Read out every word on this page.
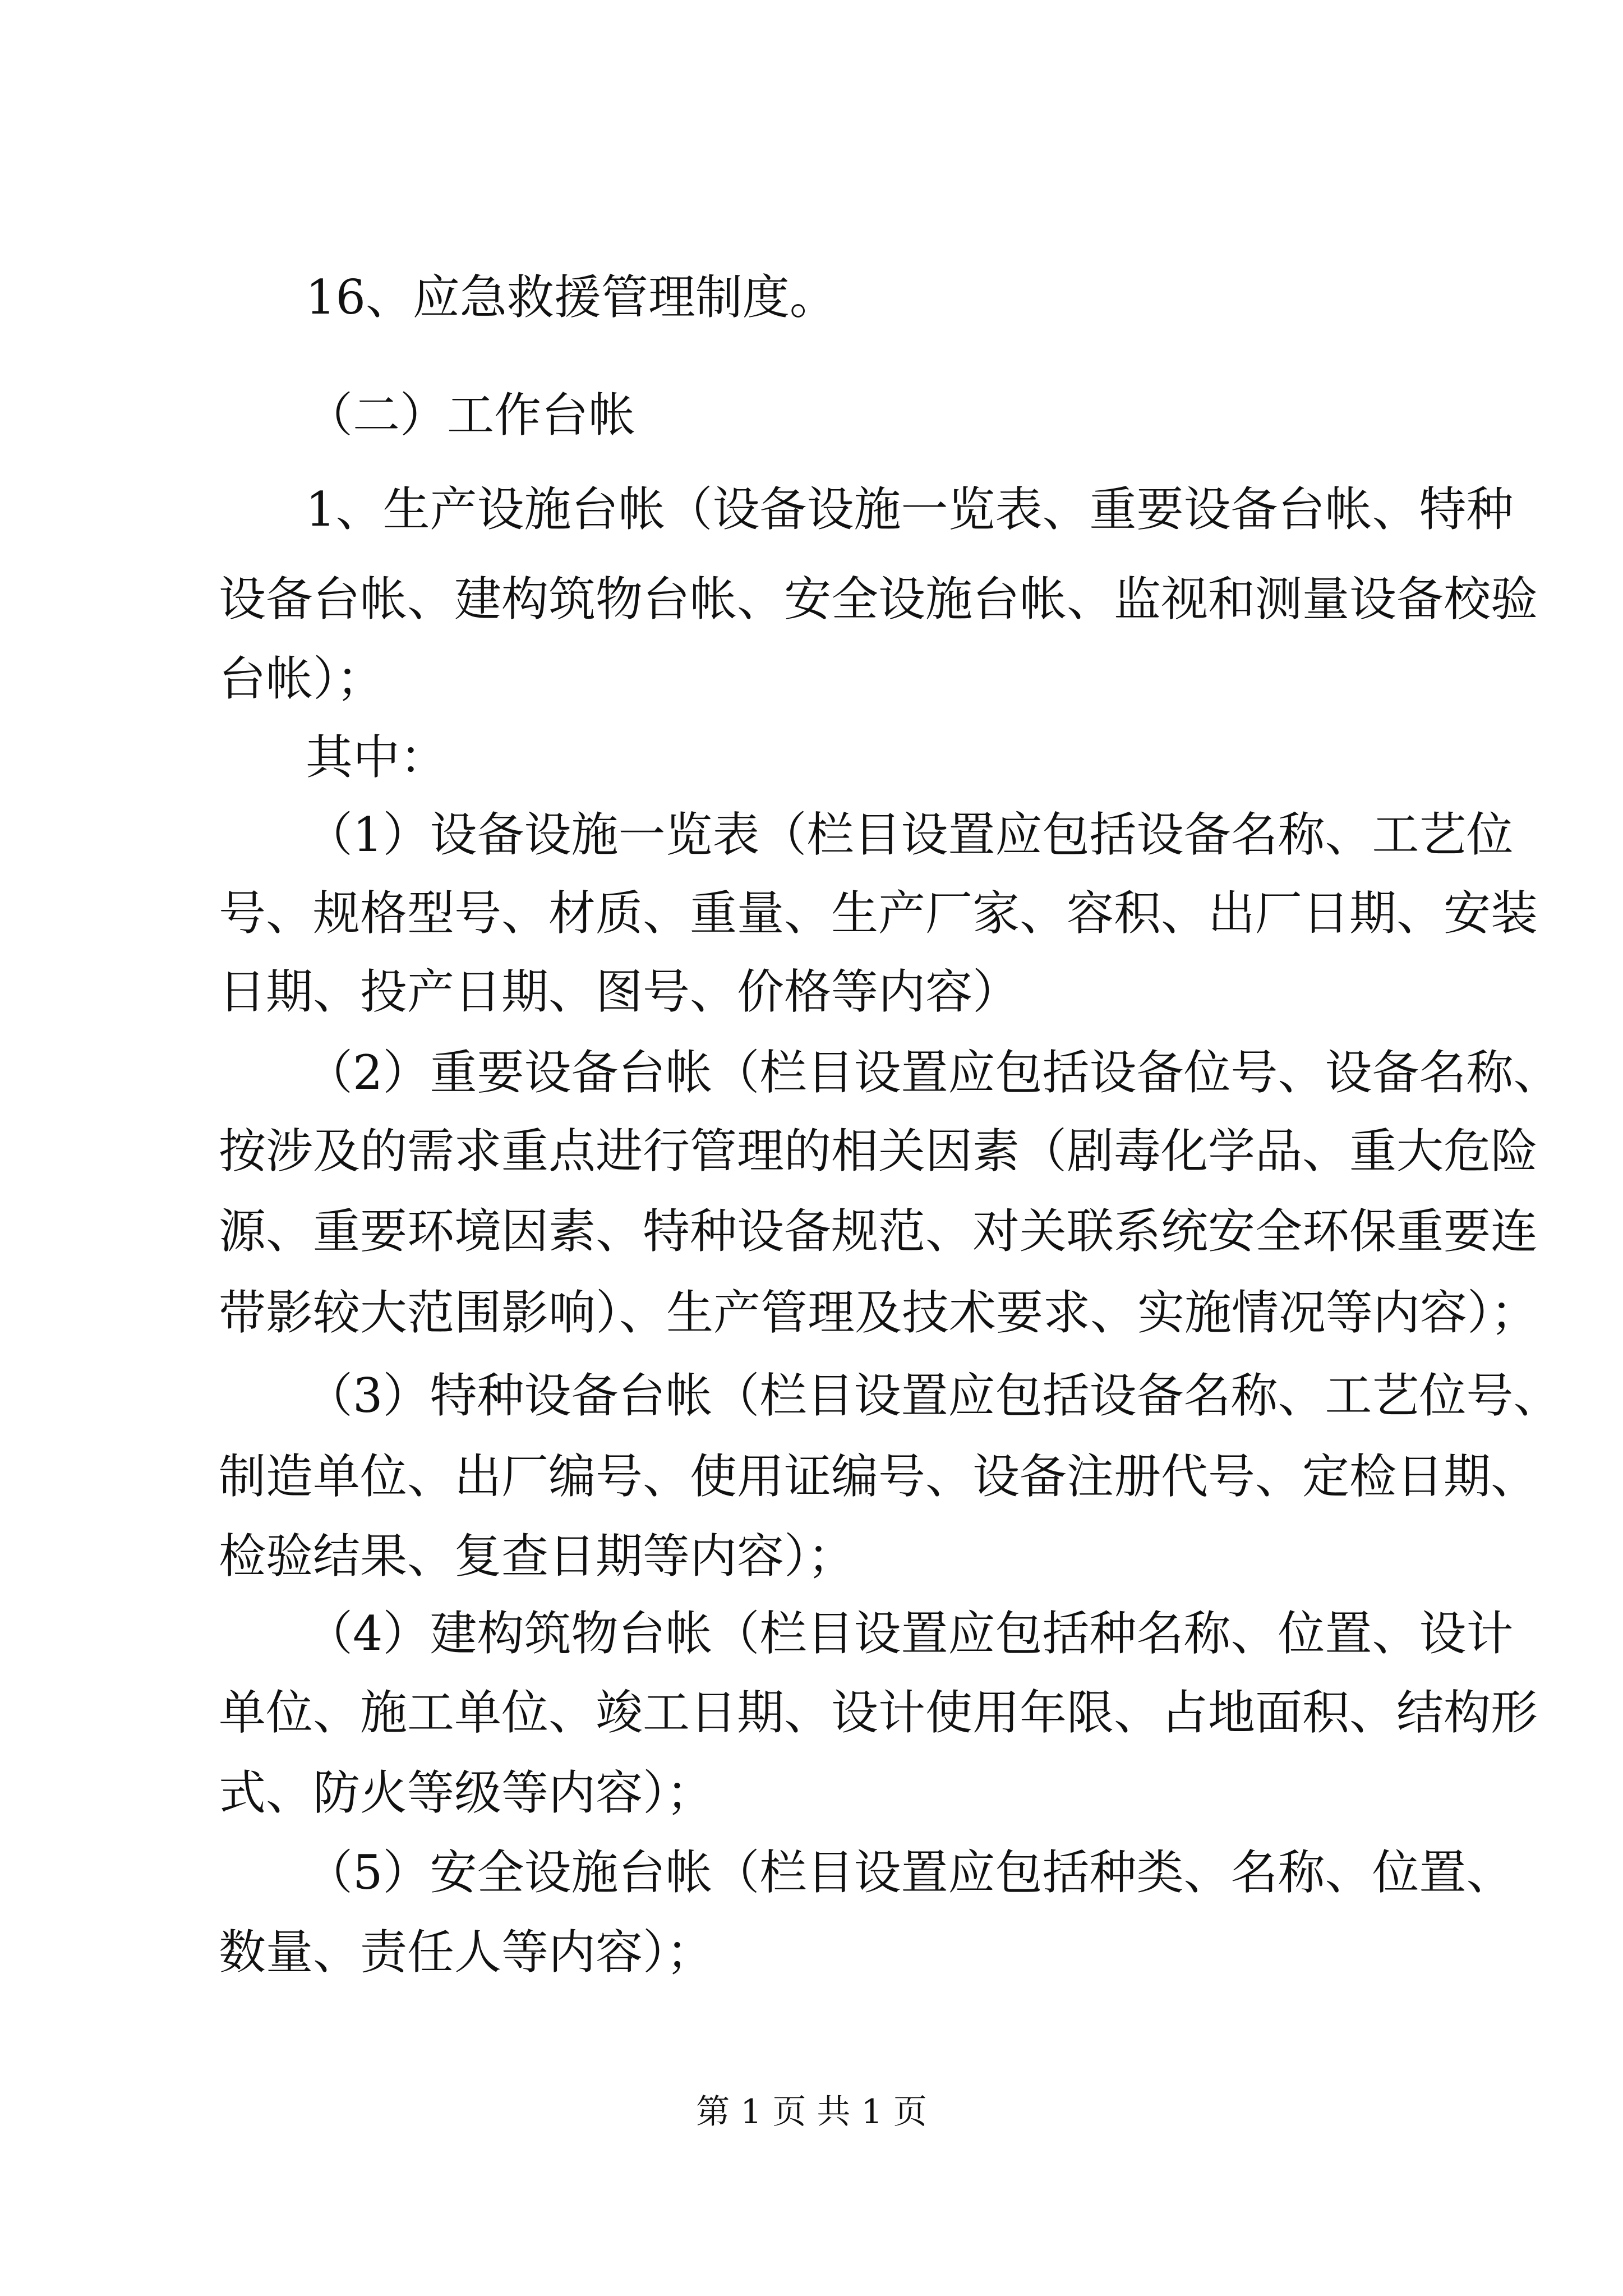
16、应急救援管理制度。
（二）工作台帐
1、生产设施台帐（设备设施一览表、重要设备台帐、特种
设备台帐、建构筑物台帐、安全设施台帐、监视和测量设备校验
台帐）；
其中：
（1）设备设施一览表（栏目设置应包括设备名称、工艺位
号、规格型号、材质、重量、生产厂家、容积、出厂日期、安装
日期、投产日期、图号、价格等内容）
（2）重要设备台帐（栏目设置应包括设备位号、设备名称、
按涉及的需求重点进行管理的相关因素（剧毒化学品、重大危险
源、重要环境因素、特种设备规范、对关联系统安全环保重要连
带影较大范围影响）、生产管理及技术要求、实施情况等内容）；
（3）特种设备台帐（栏目设置应包括设备名称、工艺位号、
制造单位、出厂编号、使用证编号、设备注册代号、定检日期、
检验结果、复查日期等内容）；
（4）建构筑物台帐（栏目设置应包括种名称、位置、设计
单位、施工单位、竣工日期、设计使用年限、占地面积、结构形
式、防火等级等内容）；
（5）安全设施台帐（栏目设置应包括种类、名称、位置、
数量、责任人等内容）；
第 1 页 共 1 页
